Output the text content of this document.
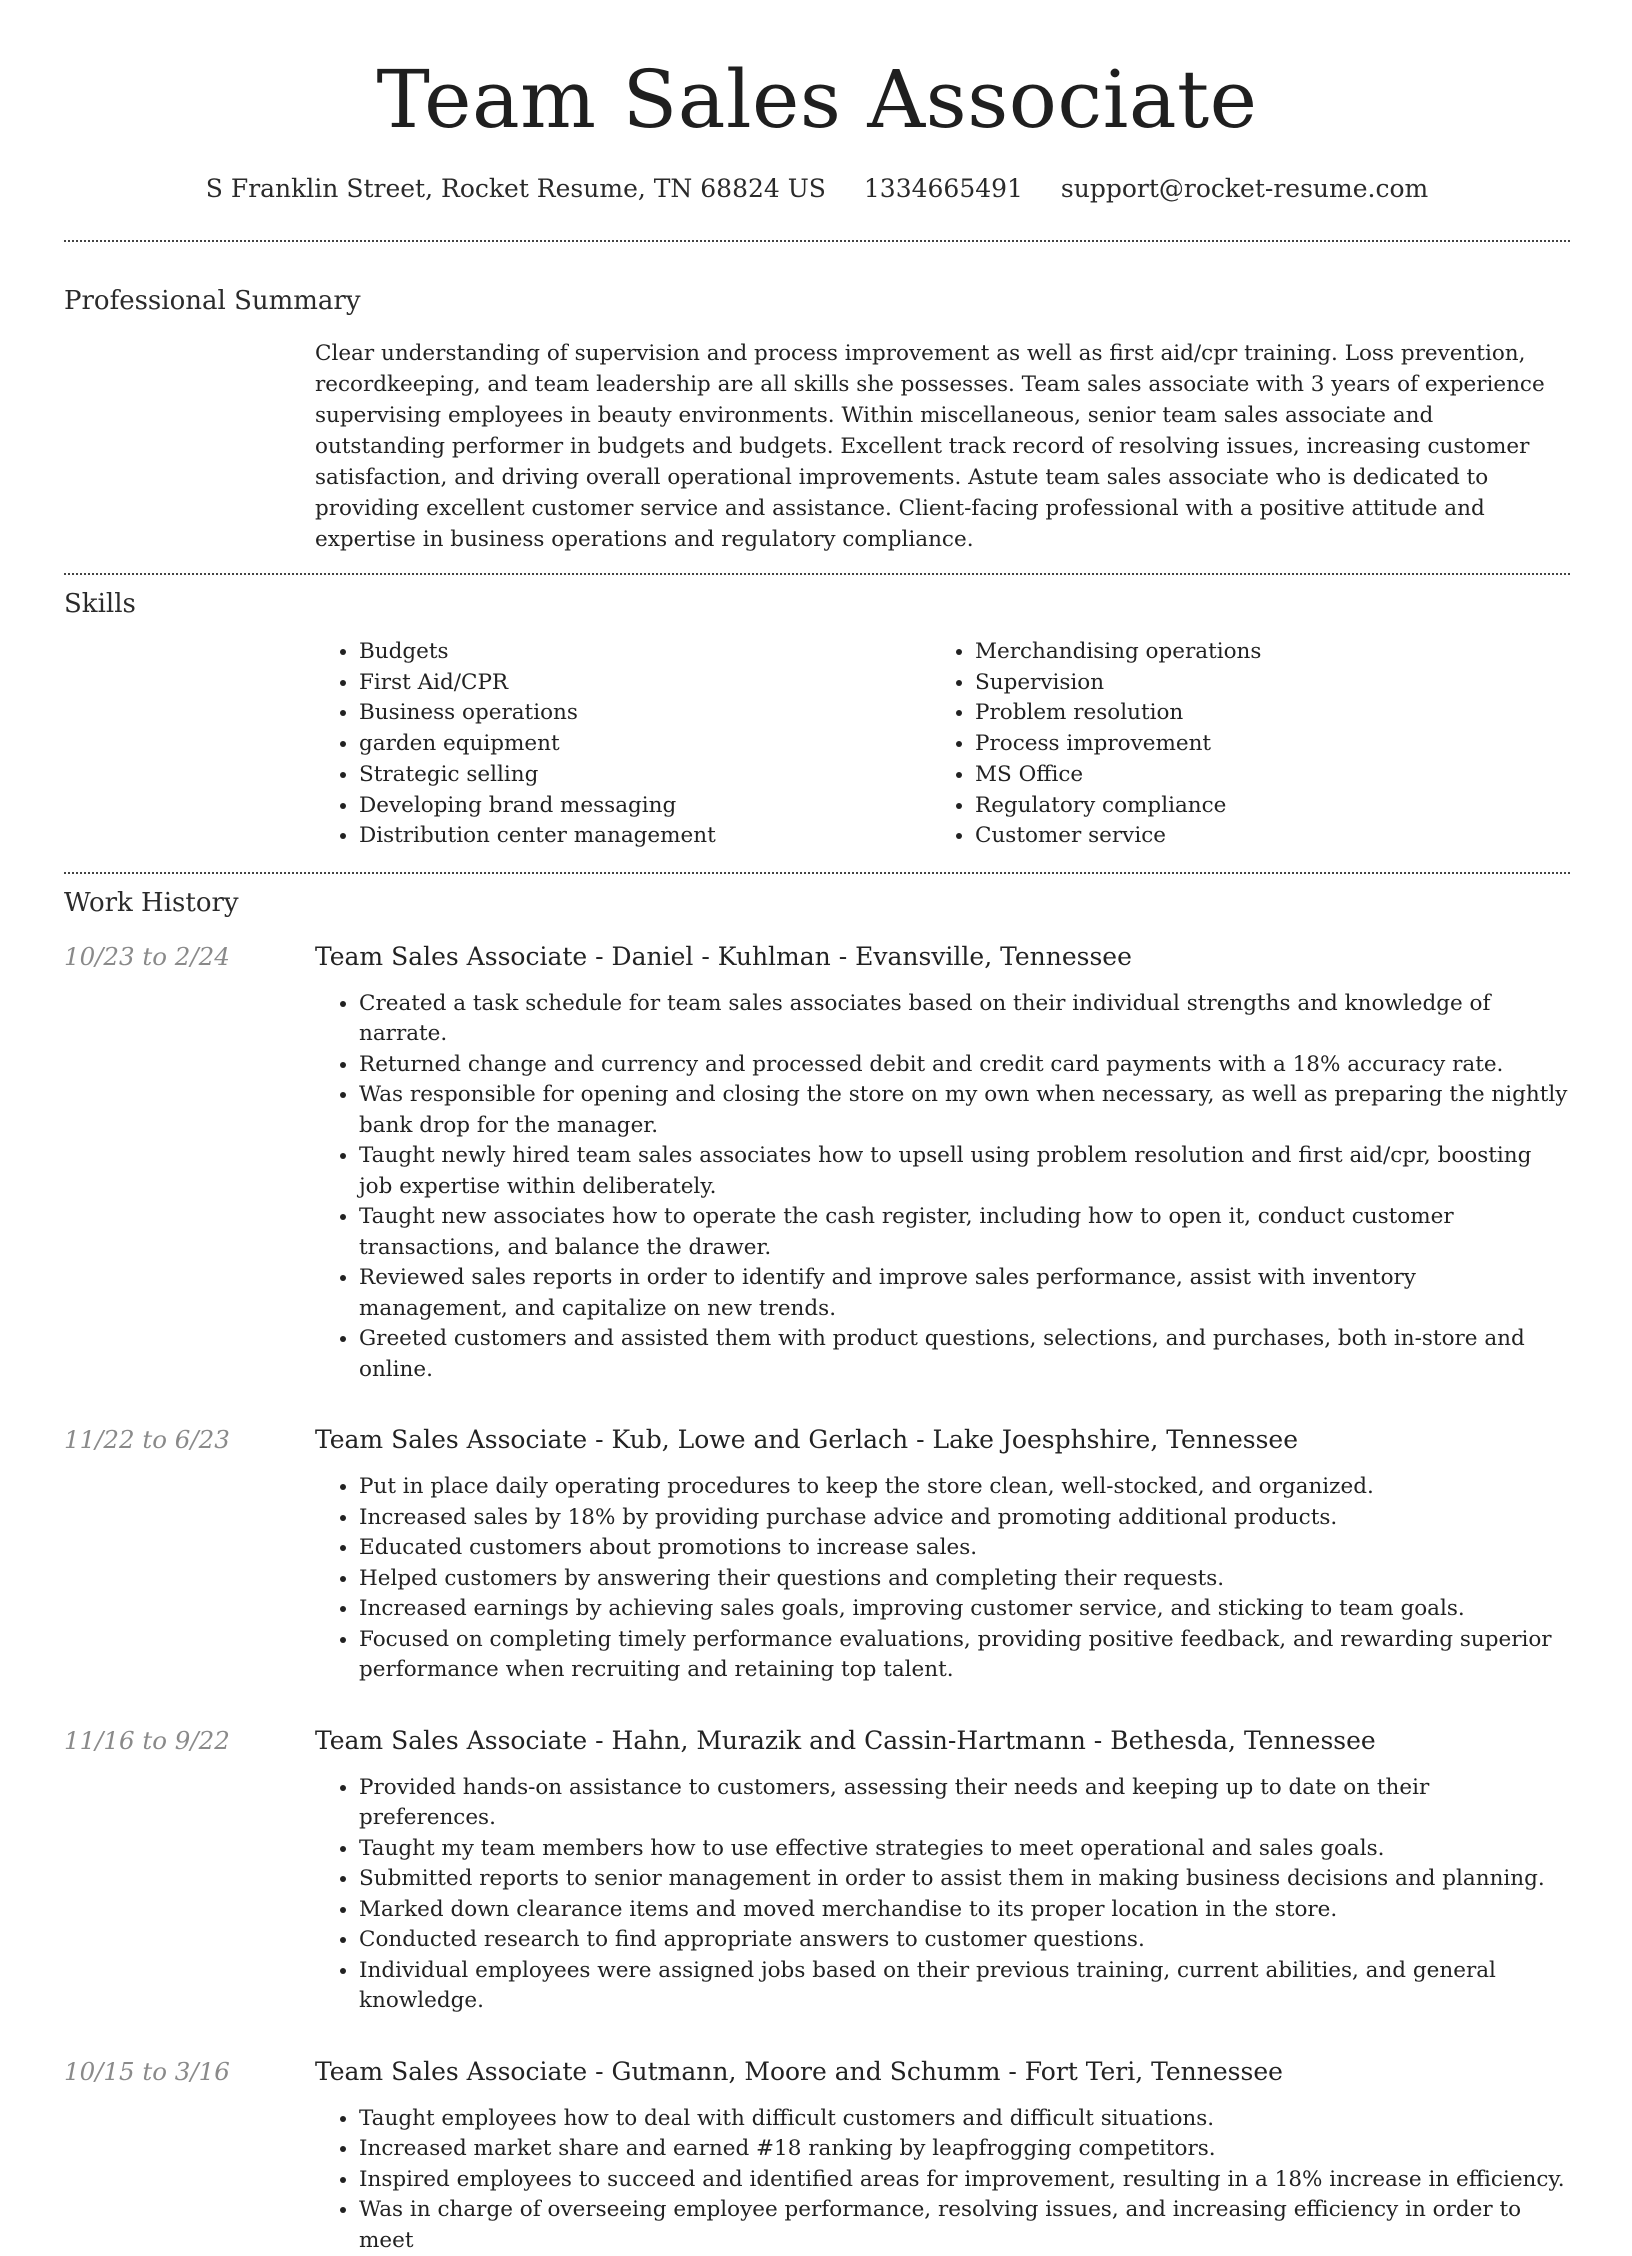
Team Sales Associate
S Franklin Street, Rocket Resume, TN 68824 US 1334665491 support@rocket-resume.com
Professional Summary

Clear understanding of supervision and process improvement as well as first aid/cpr training. Loss prevention, recordkeeping, and team leadership are all skills she possesses. Team sales associate with 3 years of experience supervising employees in beauty environments. Within miscellaneous, senior team sales associate and outstanding performer in budgets and budgets. Excellent track record of resolving issues, increasing customer satisfaction, and driving overall operational improvements. Astute team sales associate who is dedicated to providing excellent customer service and assistance. Client-facing professional with a positive attitude and expertise in business operations and regulatory compliance.

Skills
• Budgets
• First Aid/CPR
• Business operations
• garden equipment
• Strategic selling
• Developing brand messaging
• Distribution center management
• Merchandising operations
• Supervision
• Problem resolution
• Process improvement
• MS Office
• Regulatory compliance
• Customer service
Work History
10/23 to 2/24	Team Sales Associate - Daniel - Kuhlman - Evansville, Tennessee
• Created a task schedule for team sales associates based on their individual strengths and knowledge of narrate.
• Returned change and currency and processed debit and credit card payments with a 18% accuracy rate.
• Was responsible for opening and closing the store on my own when necessary, as well as preparing the nightly bank drop for the manager.
• Taught newly hired team sales associates how to upsell using problem resolution and first aid/cpr, boosting job expertise within deliberately.
• Taught new associates how to operate the cash register, including how to open it, conduct customer transactions, and balance the drawer.
• Reviewed sales reports in order to identify and improve sales performance, assist with inventory management, and capitalize on new trends.
• Greeted customers and assisted them with product questions, selections, and purchases, both in-store and online.
11/22 to 6/23	Team Sales Associate - Kub, Lowe and Gerlach - Lake Joesphshire, Tennessee
• Put in place daily operating procedures to keep the store clean, well-stocked, and organized.
• Increased sales by 18% by providing purchase advice and promoting additional products.
• Educated customers about promotions to increase sales.
• Helped customers by answering their questions and completing their requests.
• Increased earnings by achieving sales goals, improving customer service, and sticking to team goals.
• Focused on completing timely performance evaluations, providing positive feedback, and rewarding superior performance when recruiting and retaining top talent.
11/16 to 9/22	Team Sales Associate - Hahn, Murazik and Cassin-Hartmann - Bethesda, Tennessee
• Provided hands-on assistance to customers, assessing their needs and keeping up to date on their preferences.
• Taught my team members how to use effective strategies to meet operational and sales goals.
• Submitted reports to senior management in order to assist them in making business decisions and planning.
• Marked down clearance items and moved merchandise to its proper location in the store.
• Conducted research to find appropriate answers to customer questions.
• Individual employees were assigned jobs based on their previous training, current abilities, and general knowledge.
10/15 to 3/16	Team Sales Associate - Gutmann, Moore and Schumm - Fort Teri, Tennessee
• Taught employees how to deal with difficult customers and difficult situations.
• Increased market share and earned #18 ranking by leapfrogging competitors.
• Inspired employees to succeed and identified areas for improvement, resulting in a 18% increase in efficiency.
• Was in charge of overseeing employee performance, resolving issues, and increasing efficiency in order to meet
